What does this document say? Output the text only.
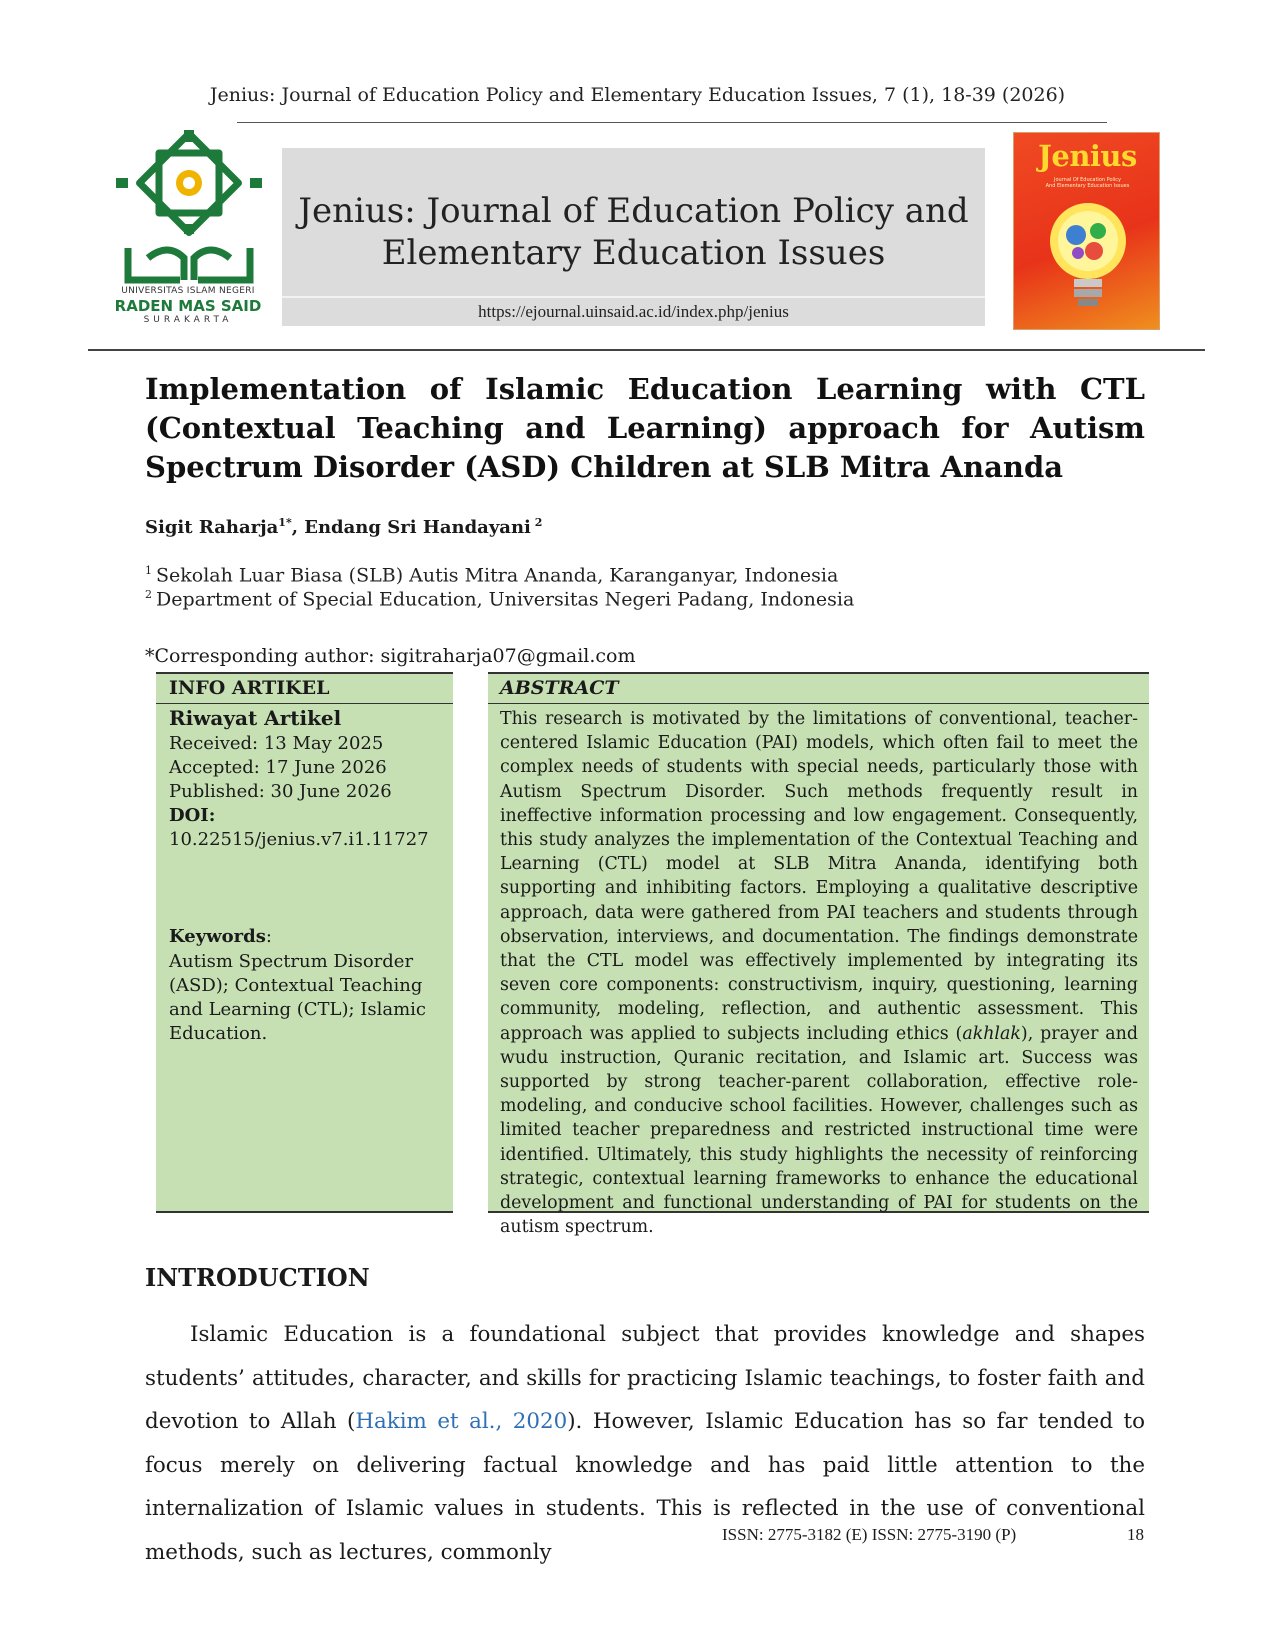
Jenius: Journal of Education Policy and Elementary Education Issues, 7 (1), 18-39 (2026)
UNIVERSITAS ISLAM NEGERI
RADEN MAS SAID
SURAKARTA
Jenius: Journal of Education Policy and
Elementary Education Issues
https://ejournal.uinsaid.ac.id/index.php/jenius
Jenius
Journal Of Education Policy
And Elementary Education Issues
Implementation of Islamic Education Learning with CTL (Contextual Teaching and Learning) approach for Autism Spectrum Disorder (ASD) Children at SLB Mitra Ananda
Sigit Raharja$^{1*}$, Endang Sri Handayani $^2$
$^1$ Sekolah Luar Biasa (SLB) Autis Mitra Ananda, Karanganyar, Indonesia
$^2$ Department of Special Education, Universitas Negeri Padang, Indonesia
*Corresponding author: sigitraharja07@gmail.com
INFO ARTIKEL	ABSTRACT
Riwayat Artikel
Received: 13 May 2025
Accepted: 17 June 2026
Published: 30 June 2026
DOI:
10.22515/jenius.v7.i1.11727
Keywords:
Autism Spectrum Disorder (ASD); Contextual Teaching and Learning (CTL); Islamic Education.
This research is motivated by the limitations of conventional, teacher-centered Islamic Education (PAI) models, which often fail to meet the complex needs of students with special needs, particularly those with Autism Spectrum Disorder. Such methods frequently result in ineffective information processing and low engagement. Consequently, this study analyzes the implementation of the Contextual Teaching and Learning (CTL) model at SLB Mitra Ananda, identifying both supporting and inhibiting factors. Employing a qualitative descriptive approach, data were gathered from PAI teachers and students through observation, interviews, and documentation. The findings demonstrate that the CTL model was effectively implemented by integrating its seven core components: constructivism, inquiry, questioning, learning community, modeling, reflection, and authentic assessment. This approach was applied to subjects including ethics (akhlak), prayer and wudu instruction, Quranic recitation, and Islamic art. Success was supported by strong teacher-parent collaboration, effective role-modeling, and conducive school facilities. However, challenges such as limited teacher preparedness and restricted instructional time were identified. Ultimately, this study highlights the necessity of reinforcing strategic, contextual learning frameworks to enhance the educational development and functional understanding of PAI for students on the autism spectrum.
INTRODUCTION
Islamic Education is a foundational subject that provides knowledge and shapes students’ attitudes, character, and skills for practicing Islamic teachings, to foster faith and devotion to Allah (Hakim et al., 2020). However, Islamic Education has so far tended to focus merely on delivering factual knowledge and has paid little attention to the internalization of Islamic values in students. This is reflected in the use of conventional methods, such as lectures, commonly
ISSN: 2775-3182 (E) ISSN: 2775-3190 (P)	18
